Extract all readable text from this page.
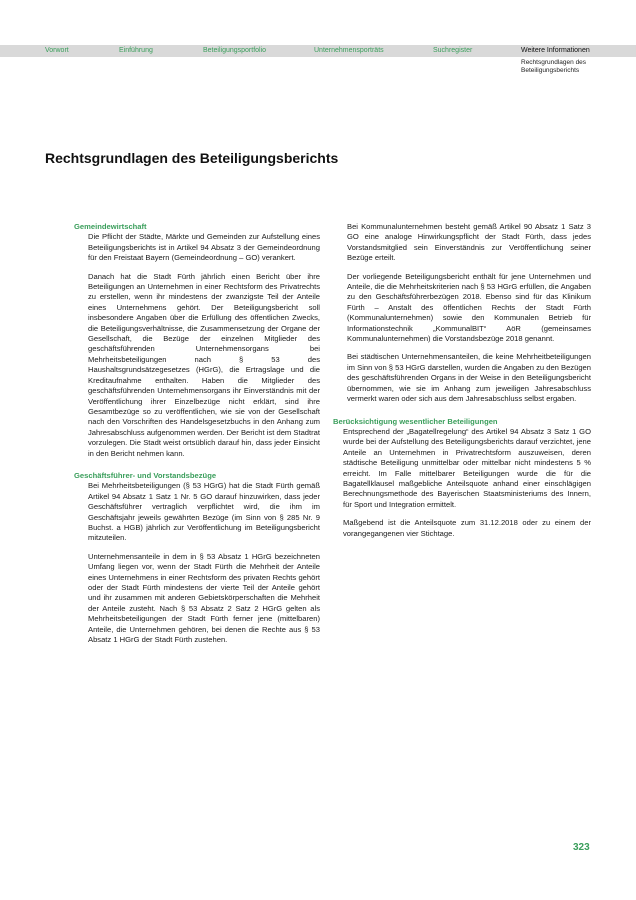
Vorwort	Einführung	Beteiligungsportfolio	Unternehmensporträts	Suchregister	Weitere Informationen
Rechtsgrundlagen des Beteiligungsberichts
Rechtsgrundlagen des Beteiligungsberichts
Gemeindewirtschaft

Die Pflicht der Städte, Märkte und Gemeinden zur Aufstellung eines Beteiligungsberichts ist in Artikel 94 Absatz 3 der Gemeindeordnung für den Freistaat Bayern (Gemeindeordnung – GO) verankert.

Danach hat die Stadt Fürth jährlich einen Bericht über ihre Beteiligungen an Unternehmen in einer Rechtsform des Privatrechts zu erstellen, wenn ihr mindestens der zwanzigste Teil der Anteile eines Unternehmens gehört. Der Beteiligungsbericht soll insbesondere Angaben über die Erfüllung des öffentlichen Zwecks, die Beteiligungsverhältnisse, die Zusammensetzung der Organe der Gesellschaft, die Bezüge der einzelnen Mitglieder des geschäftsführenden Unternehmensorgans bei Mehrheitsbeteiligungen nach § 53 des Haushaltsgrundsätzegesetzes (HGrG), die Ertragslage und die Kreditaufnahme enthalten. Haben die Mitglieder des geschäftsführenden Unternehmensorgans ihr Einverständnis mit der Veröffentlichung ihrer Einzelbezüge nicht erklärt, sind ihre Gesamtbezüge so zu veröffentlichen, wie sie von der Gesellschaft nach den Vorschriften des Handelsgesetzbuchs in den Anhang zum Jahresabschluss aufgenommen werden. Der Bericht ist dem Stadtrat vorzulegen. Die Stadt weist ortsüblich darauf hin, dass jeder Einsicht in den Bericht nehmen kann.

Geschäftsführer- und Vorstandsbezüge

Bei Mehrheitsbeteiligungen (§ 53 HGrG) hat die Stadt Fürth gemäß Artikel 94 Absatz 1 Satz 1 Nr. 5 GO darauf hinzuwirken, dass jeder Geschäftsführer vertraglich verpflichtet wird, die ihm im Geschäftsjahr jeweils gewährten Bezüge (im Sinn von § 285 Nr. 9 Buchst. a HGB) jährlich zur Veröffentlichung im Beteiligungsbericht mitzuteilen.

Unternehmensanteile in dem in § 53 Absatz 1 HGrG bezeichneten Umfang liegen vor, wenn der Stadt Fürth die Mehrheit der Anteile eines Unternehmens in einer Rechtsform des privaten Rechts gehört oder der Stadt Fürth mindestens der vierte Teil der Anteile gehört und ihr zusammen mit anderen Gebietskörperschaften die Mehrheit der Anteile zusteht. Nach § 53 Absatz 2 Satz 2 HGrG gelten als Mehrheitsbeteiligungen der Stadt Fürth ferner jene (mittelbaren) Anteile, die Unternehmen gehören, bei denen die Rechte aus § 53 Absatz 1 HGrG der Stadt Fürth zustehen.

Bei Kommunalunternehmen besteht gemäß Artikel 90 Absatz 1 Satz 3 GO eine analoge Hinwirkungspflicht der Stadt Fürth, dass jedes Vorstandsmitglied sein Einverständnis zur Veröffentlichung seiner Bezüge erteilt.

Der vorliegende Beteiligungsbericht enthält für jene Unternehmen und Anteile, die die Mehrheitskriterien nach § 53 HGrG erfüllen, die Angaben zu den Geschäftsführerbezügen 2018. Ebenso sind für das Klinikum Fürth – Anstalt des öffentlichen Rechts der Stadt Fürth (Kommunalunternehmen) sowie den Kommunalen Betrieb für Informationstechnik „KommunalBIT“ AöR (gemeinsames Kommunalunternehmen) die Vorstandsbezüge 2018 genannt.

Bei städtischen Unternehmensanteilen, die keine Mehrheitbeteiligungen im Sinn von § 53 HGrG darstellen, wurden die Angaben zu den Bezügen des geschäftsführenden Organs in der Weise in den Beteiligungsbericht übernommen, wie sie im Anhang zum jeweiligen Jahresabschluss vermerkt waren oder sich aus dem Jahresabschluss selbst ergaben.

Berücksichtigung wesentlicher Beteiligungen

Entsprechend der „Bagatellregelung“ des Artikel 94 Absatz 3 Satz 1 GO wurde bei der Aufstellung des Beteiligungsberichts darauf verzichtet, jene Anteile an Unternehmen in Privatrechtsform auszuweisen, deren städtische Beteiligung unmittelbar oder mittelbar nicht mindestens 5 % erreicht. Im Falle mittelbarer Beteiligungen wurde die für die Bagatellklausel maßgebliche Anteilsquote anhand einer einschlägigen Berechnungsmethode des Bayerischen Staatsministeriums des Innern, für Sport und Integration ermittelt.

Maßgebend ist die Anteilsquote zum 31.12.2018 oder zu einem der vorangegangenen vier Stichtage.

323
